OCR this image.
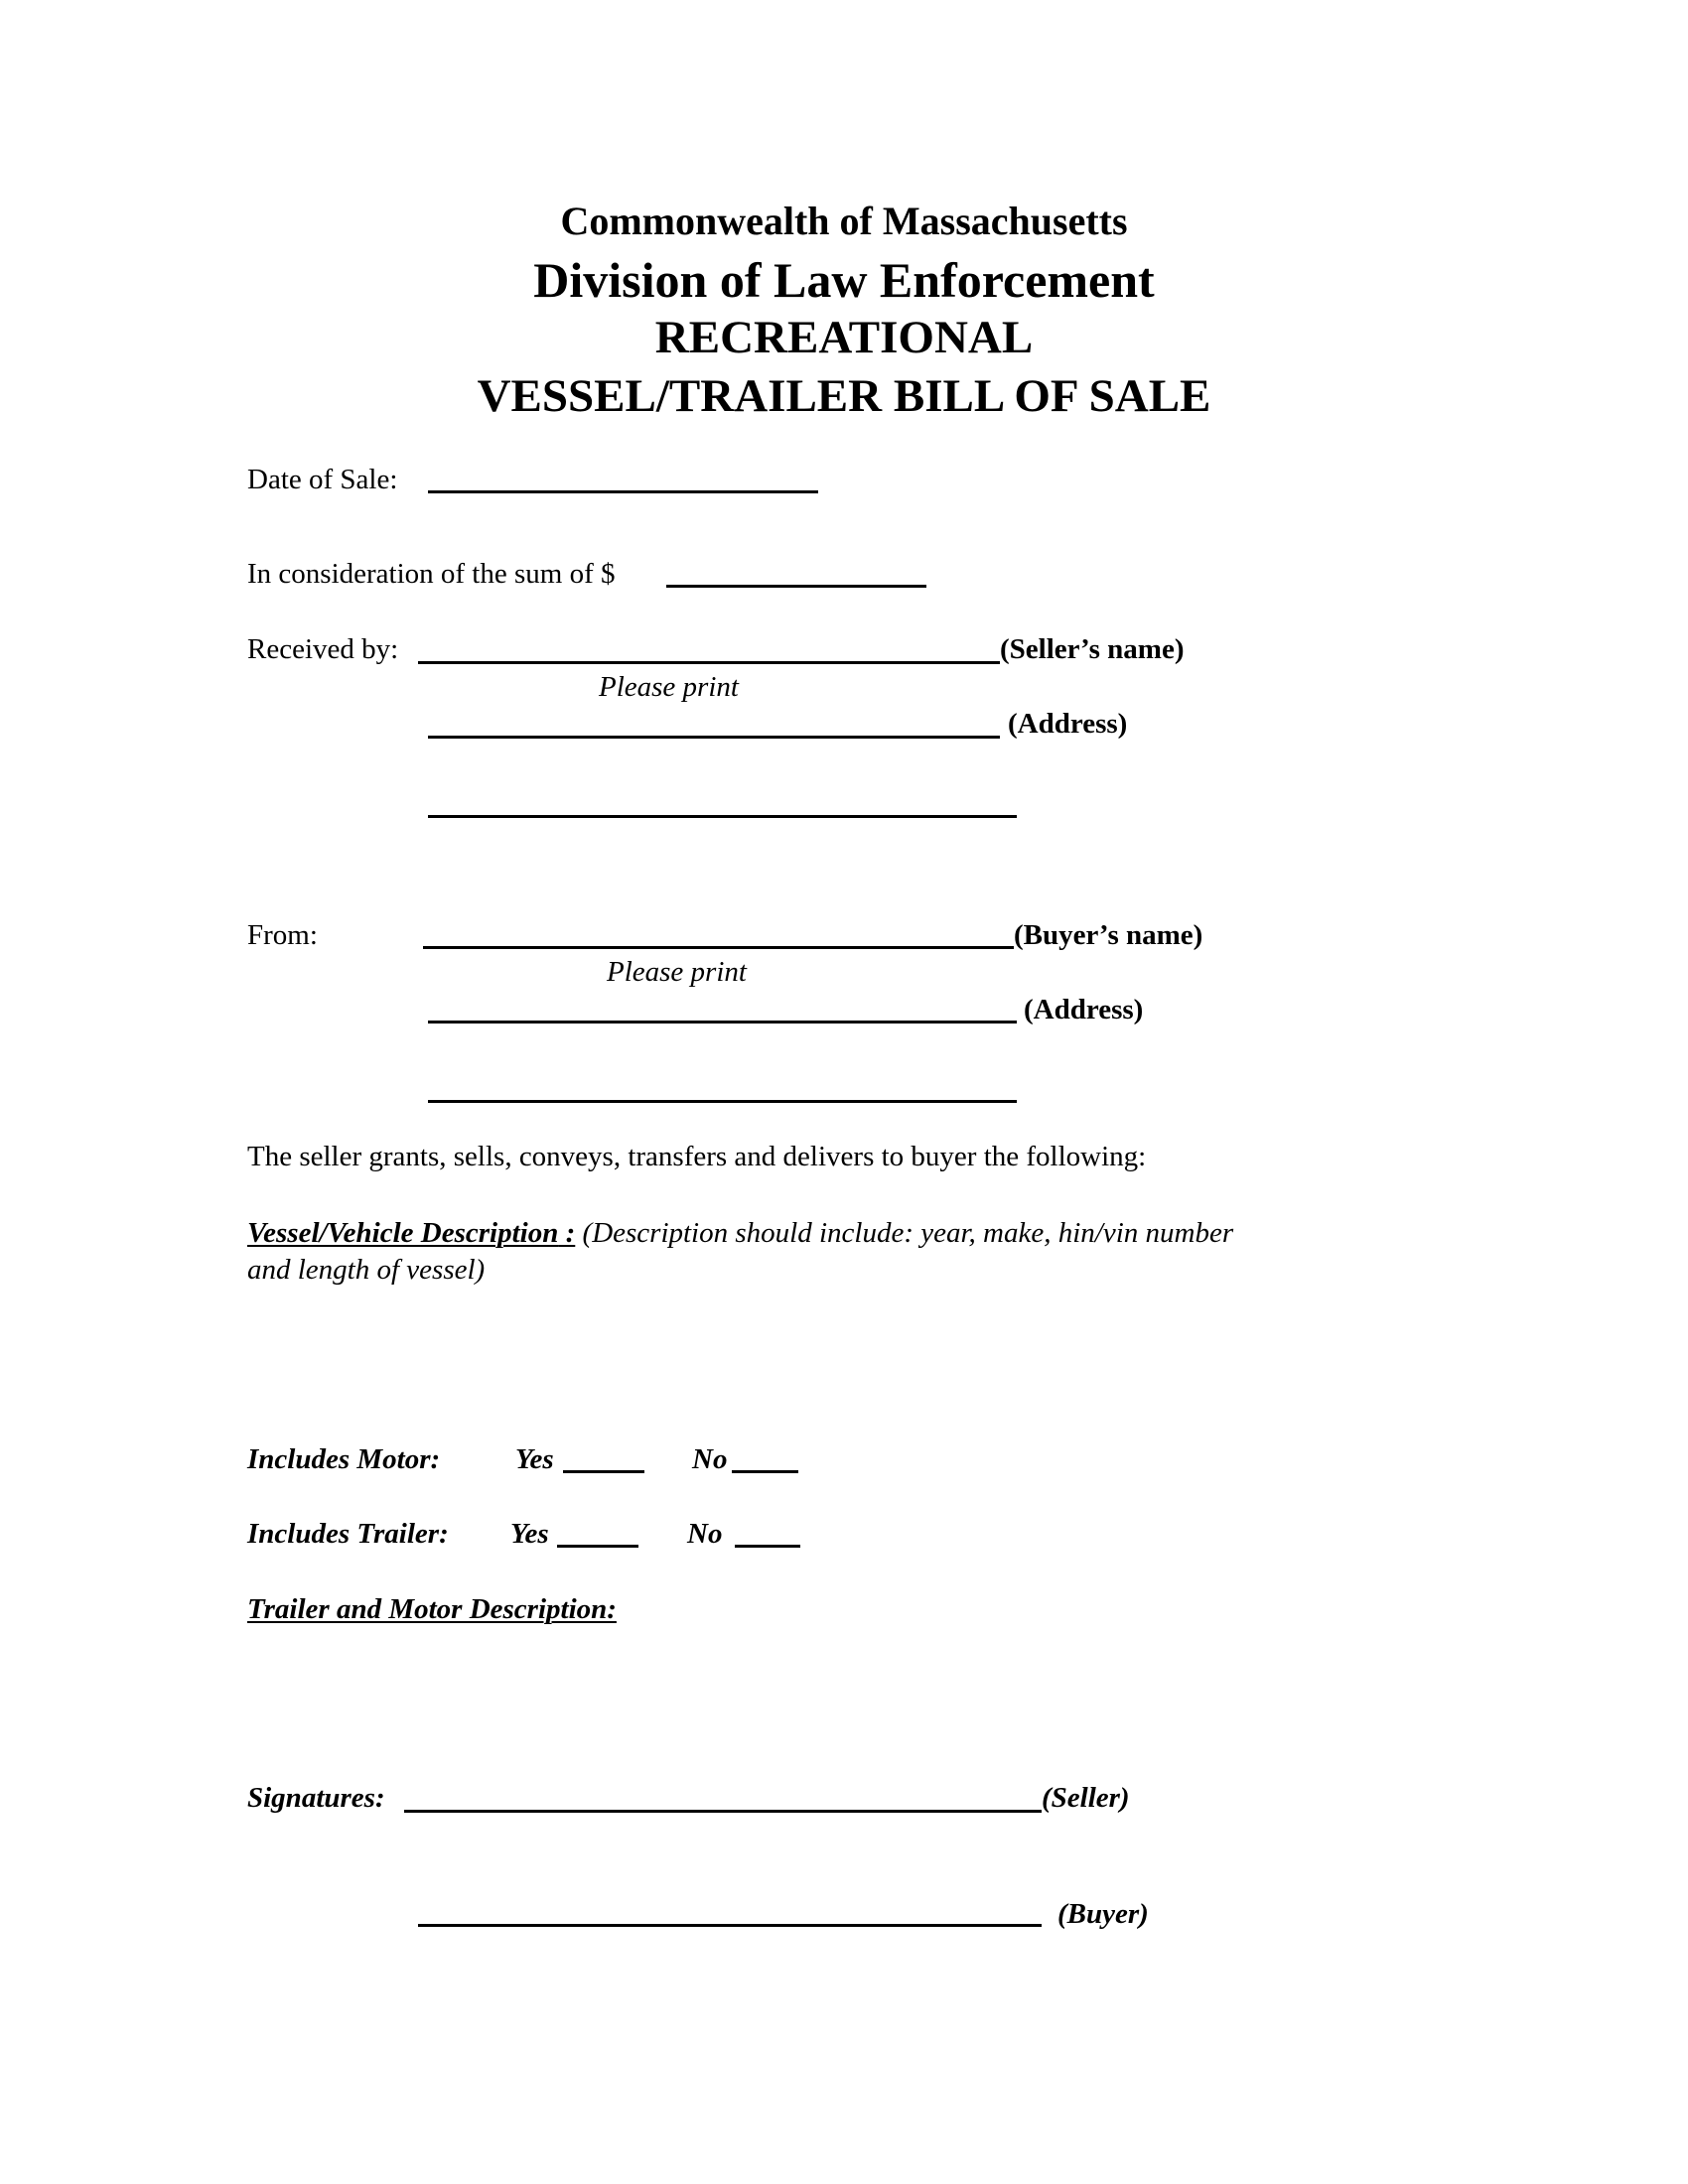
Commonwealth of Massachusetts
Division of Law Enforcement
RECREATIONAL
VESSEL/TRAILER BILL OF SALE
Date of Sale:
In consideration of the sum of $
Received by:	(Seller’s name)
Please print
(Address)
From:	(Buyer’s name)
Please print
(Address)
The seller grants, sells, conveys, transfers and delivers to buyer the following:
Vessel/Vehicle Description : (Description should include: year, make, hin/vin number
and length of vessel)
Includes Motor:	Yes	No
Includes Trailer: Yes	No
Trailer and Motor Description:
Signatures:	(Seller)
(Buyer)
